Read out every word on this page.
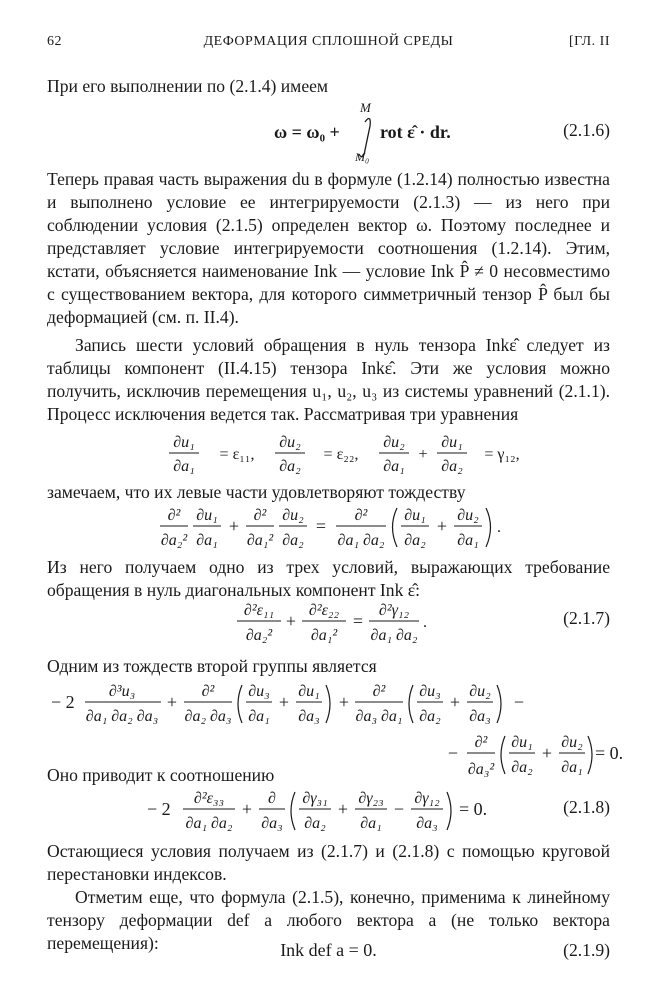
62	ДЕФОРМАЦИЯ СПЛОШНОЙ СРЕДЫ	[ГЛ. II

При его выполнении по (2.1.4) имеем

ω = ω₀ +
M
M₀
rot ε̂ · dr.	(2.1.6)

Теперь правая часть выражения du в формуле (1.2.14) полностью известна и выполнено условие ее интегрируемости (2.1.3) — из него при соблюдении условия (2.1.5) определен вектор ω. Поэтому последнее и представляет условие интегрируемости соотношения (1.2.14). Этим, кстати, объясняется наименование Ink — условие Ink P̂ ≠ 0 несовместимо с существованием вектора, для которого симметричный тензор P̂ был бы деформацией (см. п. II.4).

Запись шести условий обращения в нуль тензора Inkε̂ следует из таблицы компонент (II.4.15) тензора Inkε̂. Эти же условия можно получить, исключив перемещения u₁, u₂, u₃ из системы уравнений (2.1.1). Процесс исключения ведется так. Рассматривая три уравнения

∂u₁
∂a₁
= ε₁₁,
∂u₂
∂a₂
= ε₂₂,
∂u₂
∂a₁
+
∂u₁
∂a₂
= γ₁₂,

замечаем, что их левые части удовлетворяют тождеству

∂²
∂a₂²
∂u₁
∂a₁
+
∂²
∂a₁²
∂u₂
∂a₂
=
∂²
∂a₁ ∂a₂
∂u₁
∂a₂
+
∂u₂
∂a₁
.

Из него получаем одно из трех условий, выражающих требование обращения в нуль диагональных компонент Ink ε̂:

∂²ε₁₁
∂a₂²
+
∂²ε₂₂
∂a₁²
=
∂²γ₁₂
∂a₁ ∂a₂
.	(2.1.7)

Одним из тождеств второй группы является

− 2
∂³u₃
∂a₁ ∂a₂ ∂a₃
+
∂²
∂a₂ ∂a₃
∂u₃
∂a₁
+
∂u₁
∂a₃
+
∂²
∂a₃ ∂a₁
∂u₃
∂a₂
+
∂u₂
∂a₃
−
−
∂²
∂a₃²
∂u₁
∂a₂
+
∂u₂
∂a₁
= 0.

Оно приводит к соотношению

− 2
∂²ε₃₃
∂a₁ ∂a₂
+
∂
∂a₃
∂γ₃₁
∂a₂
+
∂γ₂₃
∂a₁
−
∂γ₁₂
∂a₃
= 0.	(2.1.8)

Остающиеся условия получаем из (2.1.7) и (2.1.8) с помощью круговой перестановки индексов.

Отметим еще, что формула (2.1.5), конечно, применима к линейному тензору деформации def a любого вектора a (не только вектора перемещения):	Ink def a = 0.	(2.1.9)
